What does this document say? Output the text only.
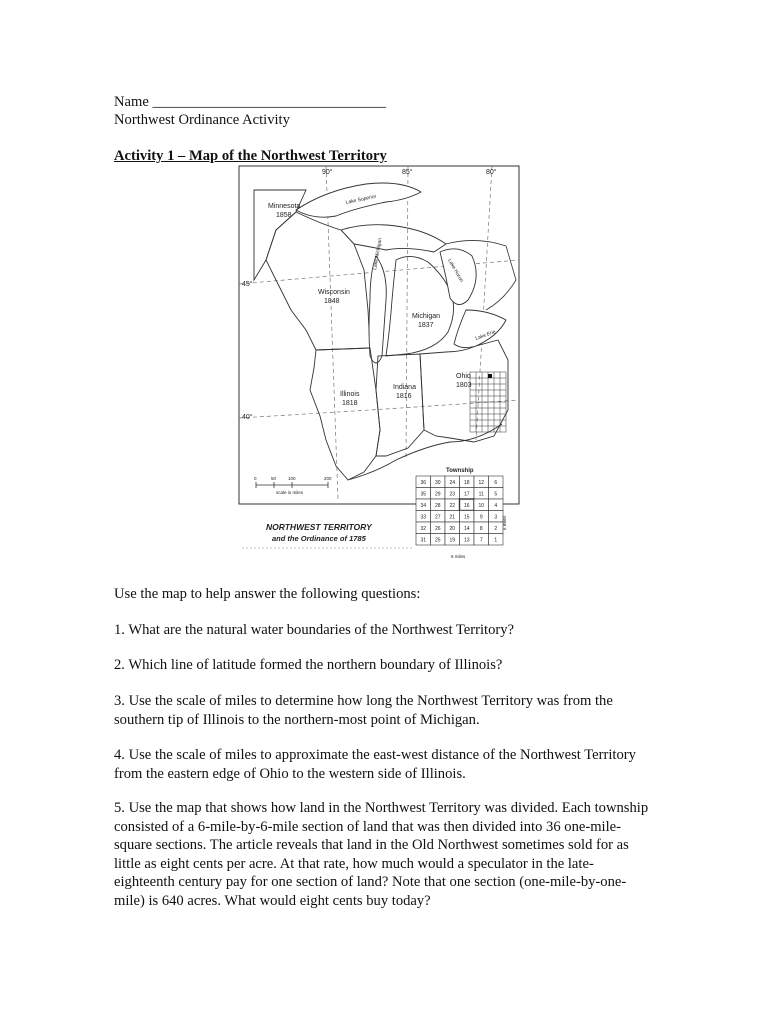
Name ________________________________
Northwest Ordinance Activity
Activity 1 – Map of the Northwest Territory
90°	85°	80°
45°
40°
Minnesota
1858
Wisconsin
1848
Michigan
1837
Ohio
1803
Indiana
1816
Illinois
1818
Lake Superior
Lake Michigan
Lake Huron
Lake Erie
0	50	100	200
scale in miles
Township
36 30 24 18 12 6
35 29 23 17 11 5
34 28 22 16 10 4
33 27 21 15 9 3
32 26 20 14 8 2
31 25 19 13 7 1
6 miles
6 miles
NORTHWEST TERRITORY
and the Ordinance of 1785
Use the map to help answer the following questions:
1. What are the natural water boundaries of the Northwest Territory?
2. Which line of latitude formed the northern boundary of Illinois?
3. Use the scale of miles to determine how long the Northwest Territory was from the southern tip of Illinois to the northern-most point of Michigan.
4. Use the scale of miles to approximate the east-west distance of the Northwest Territory from the eastern edge of Ohio to the western side of Illinois.
5. Use the map that shows how land in the Northwest Territory was divided. Each township consisted of a 6-mile-by-6-mile section of land that was then divided into 36 one-mile-square sections. The article reveals that land in the Old Northwest sometimes sold for as little as eight cents per acre. At that rate, how much would a speculator in the late-eighteenth century pay for one section of land? Note that one section (one-mile-by-one-mile) is 640 acres. What would eight cents buy today?
